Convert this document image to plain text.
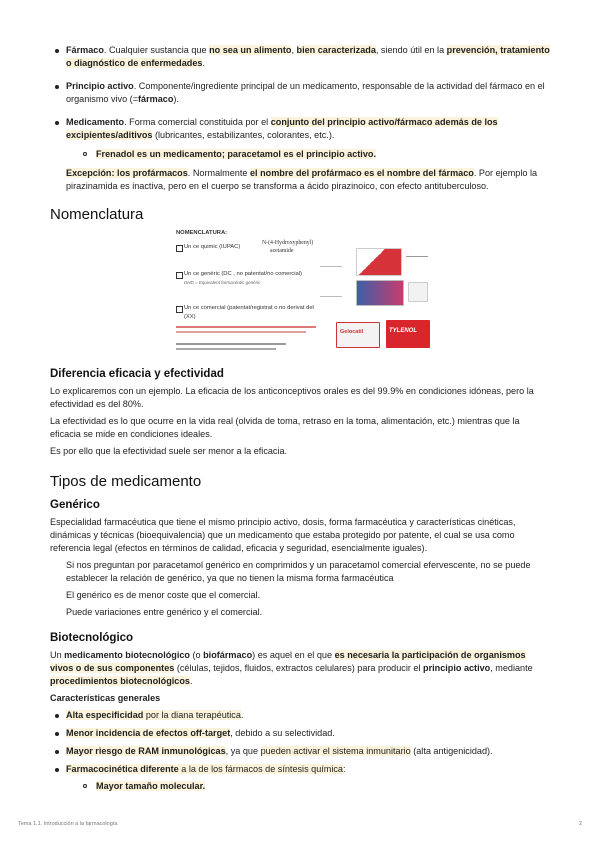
Fármaco. Cualquier sustancia que no sea un alimento, bien caracterizada, siendo útil en la prevención, tratamiento o diagnóstico de enfermedades.
Principio activo. Componente/ingrediente principal de un medicamento, responsable de la actividad del fármaco en el organismo vivo (=fármaco).
Medicamento. Forma comercial constituida por el conjunto del principio activo/fármaco además de los excipientes/aditivos (lubricantes, estabilizantes, colorantes, etc.).
Frenadol es un medicamento; paracetamol es el principio activo.

Excepción: los profármacos. Normalmente el nombre del profármaco es el nombre del fármaco. Por ejemplo la pirazinamida es inactiva, pero en el cuerpo se transforma a ácido pirazinoico, con efecto antituberculoso.

Nomenclatura
NOMENCLATURA:
Un ce quimic (IUPAC)
N-(4-Hydroxyphenyl)
acetamide
Un ce genèric (DC , no patentat/no comercial)
DHD = Equivalent farmacéutic genèric
Un ce comercial (patentat/registrat o no derivat del
(XX)
Gelocatil	TYLENOL
Diferencia eficacia y efectividad

Lo explicaremos con un ejemplo. La eficacia de los anticonceptivos orales es del 99.9% en condiciones idóneas, pero la efectividad es del 80%.

La efectividad es lo que ocurre en la vida real (olvida de toma, retraso en la toma, alimentación, etc.) mientras que la eficacia se mide en condiciones ideales.

Es por ello que la efectividad suele ser menor a la eficacia.

Tipos de medicamento
Genérico

Especialidad farmacéutica que tiene el mismo principio activo, dosis, forma farmacéutica y características cinéticas, dinámicas y técnicas (bioequivalencia) que un medicamento que estaba protegido por patente, el cual se usa como referencia legal (efectos en términos de calidad, eficacia y seguridad, esencialmente iguales).

Si nos preguntan por paracetamol genérico en comprimidos y un paracetamol comercial efervescente, no se puede establecer la relación de genérico, ya que no tienen la misma forma farmacéutica

El genérico es de menor coste que el comercial.

Puede variaciones entre genérico y el comercial.

Biotecnológico

Un medicamento biotecnológico (o biofármaco) es aquel en el que es necesaria la participación de organismos vivos o de sus componentes (células, tejidos, fluidos, extractos celulares) para producir el principio activo, mediante procedimientos biotecnológicos.

Características generales
Alta especificidad por la diana terapéutica.
Menor incidencia de efectos off-target, debido a su selectividad.
Mayor riesgo de RAM inmunológicas, ya que pueden activar el sistema inmunitario (alta antigenicidad).
Farmacocinética diferente a la de los fármacos de síntesis química:
Mayor tamaño molecular.
Tema 1.1. Introducción a la farmacología	2
